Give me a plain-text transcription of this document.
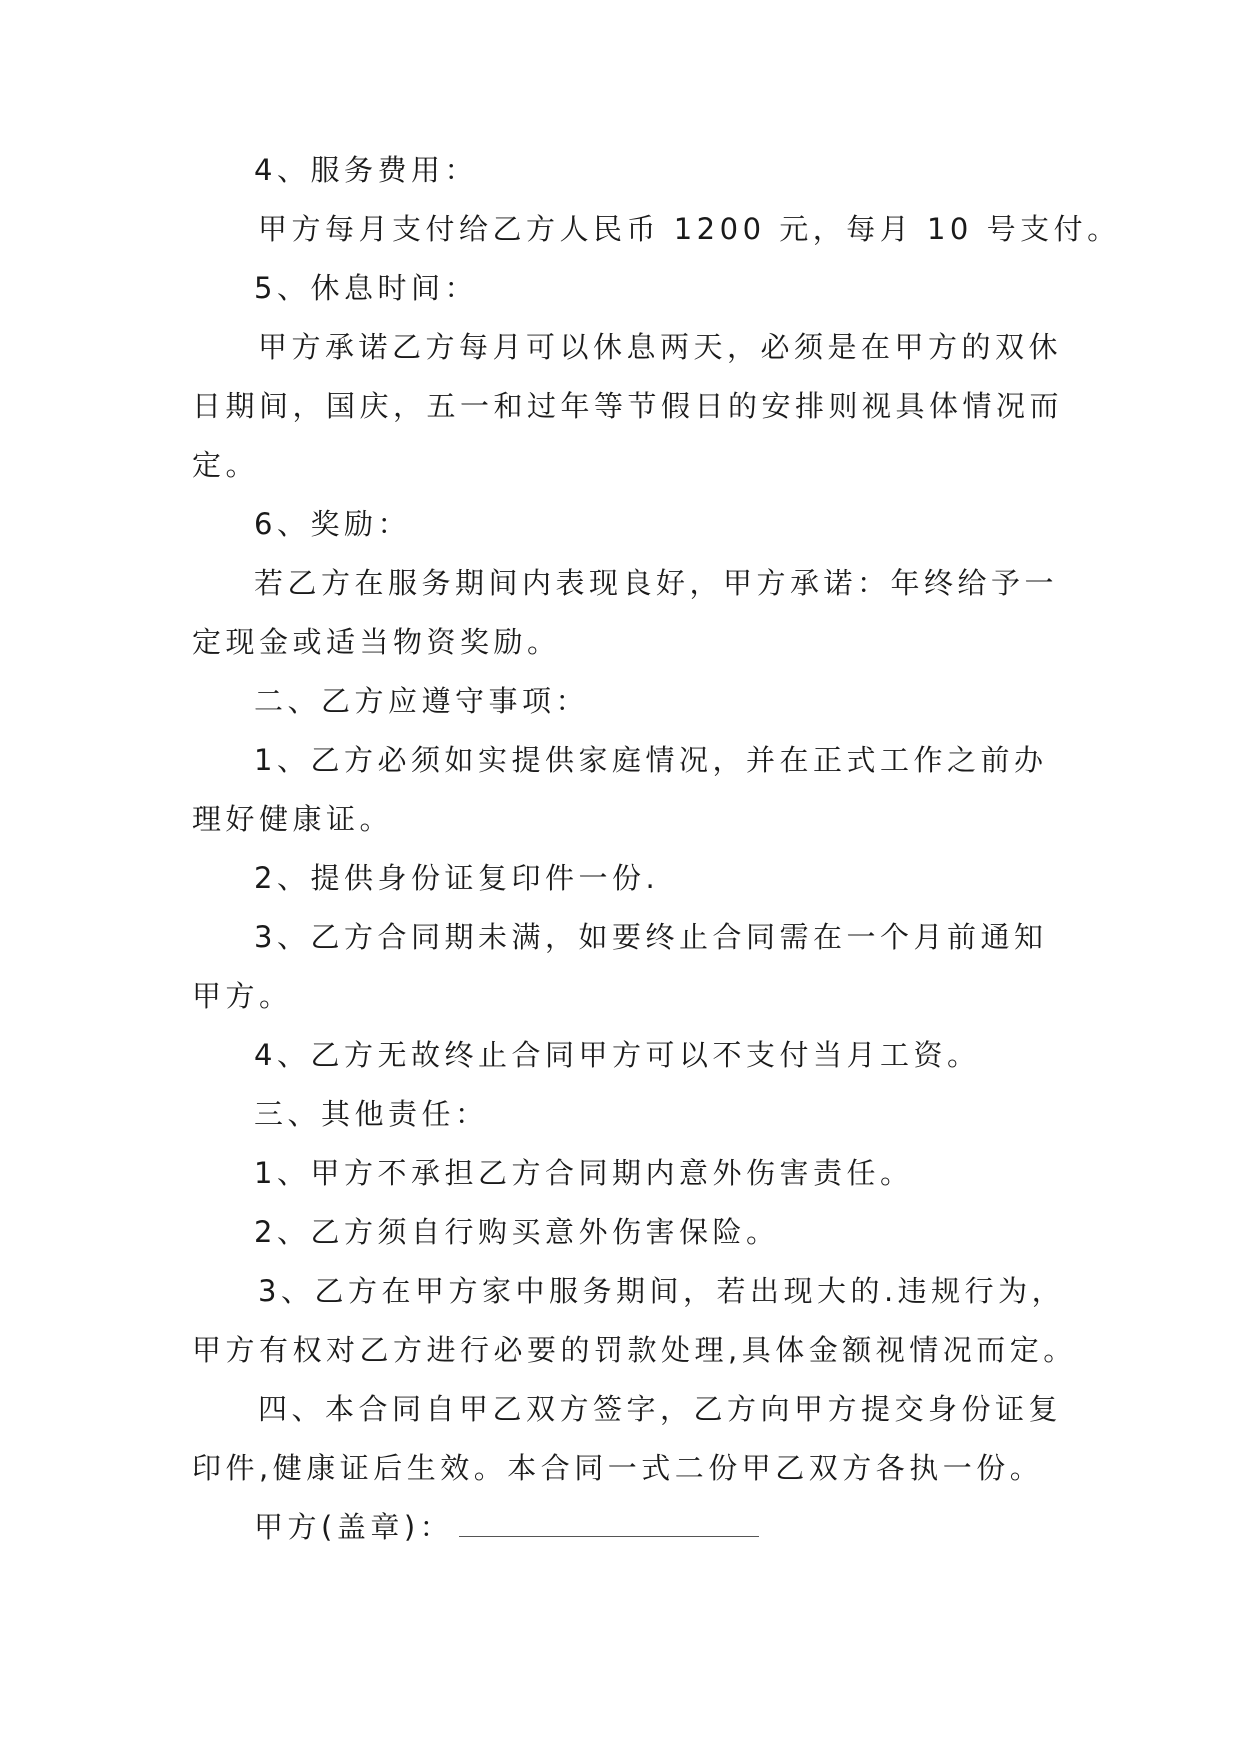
4、服务费用：
甲方每月支付给乙方人民币 1200 元，每月 10 号支付。
5、休息时间：
甲方承诺乙方每月可以休息两天，必须是在甲方的双休
日期间，国庆，五一和过年等节假日的安排则视具体情况而
定。
6、奖励：
若乙方在服务期间内表现良好，甲方承诺：年终给予一
定现金或适当物资奖励。
二、乙方应遵守事项：
1、乙方必须如实提供家庭情况，并在正式工作之前办
理好健康证。
2、提供身份证复印件一份.
3、乙方合同期未满，如要终止合同需在一个月前通知
甲方。
4、乙方无故终止合同甲方可以不支付当月工资。
三、其他责任：
1、甲方不承担乙方合同期内意外伤害责任。
2、乙方须自行购买意外伤害保险。
3、乙方在甲方家中服务期间，若出现大的.违规行为，
甲方有权对乙方进行必要的罚款处理,具体金额视情况而定。
四、本合同自甲乙双方签字，乙方向甲方提交身份证复
印件,健康证后生效。本合同一式二份甲乙双方各执一份。
甲方(盖章)：
